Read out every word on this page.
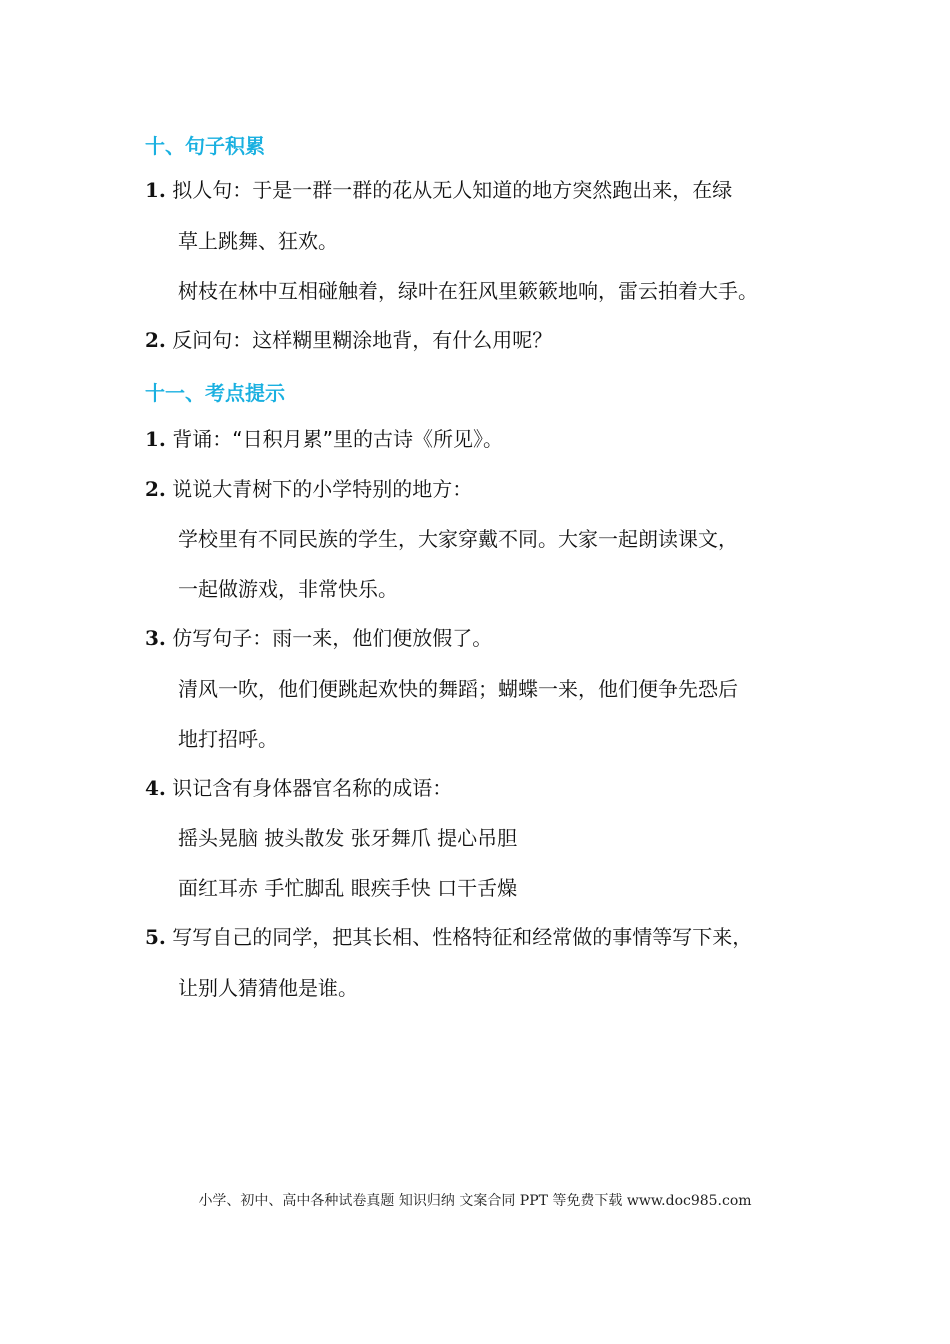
十、句子积累
1. 拟人句：于是一群一群的花从无人知道的地方突然跑出来，在绿
草上跳舞、狂欢。
树枝在林中互相碰触着，绿叶在狂风里簌簌地响，雷云拍着大手。
2. 反问句：这样糊里糊涂地背，有什么用呢？
十一、考点提示
1. 背诵：“日积月累”里的古诗《所见》。
2. 说说大青树下的小学特别的地方：
学校里有不同民族的学生，大家穿戴不同。大家一起朗读课文，
一起做游戏，非常快乐。
3. 仿写句子：雨一来，他们便放假了。
清风一吹，他们便跳起欢快的舞蹈；蝴蝶一来，他们便争先恐后
地打招呼。
4. 识记含有身体器官名称的成语：
摇头晃脑 披头散发 张牙舞爪 提心吊胆
面红耳赤 手忙脚乱 眼疾手快 口干舌燥
5. 写写自己的同学，把其长相、性格特征和经常做的事情等写下来，
让别人猜猜他是谁。
小学、初中、高中各种试卷真题 知识归纳 文案合同 PPT 等免费下载 www.doc985.com
